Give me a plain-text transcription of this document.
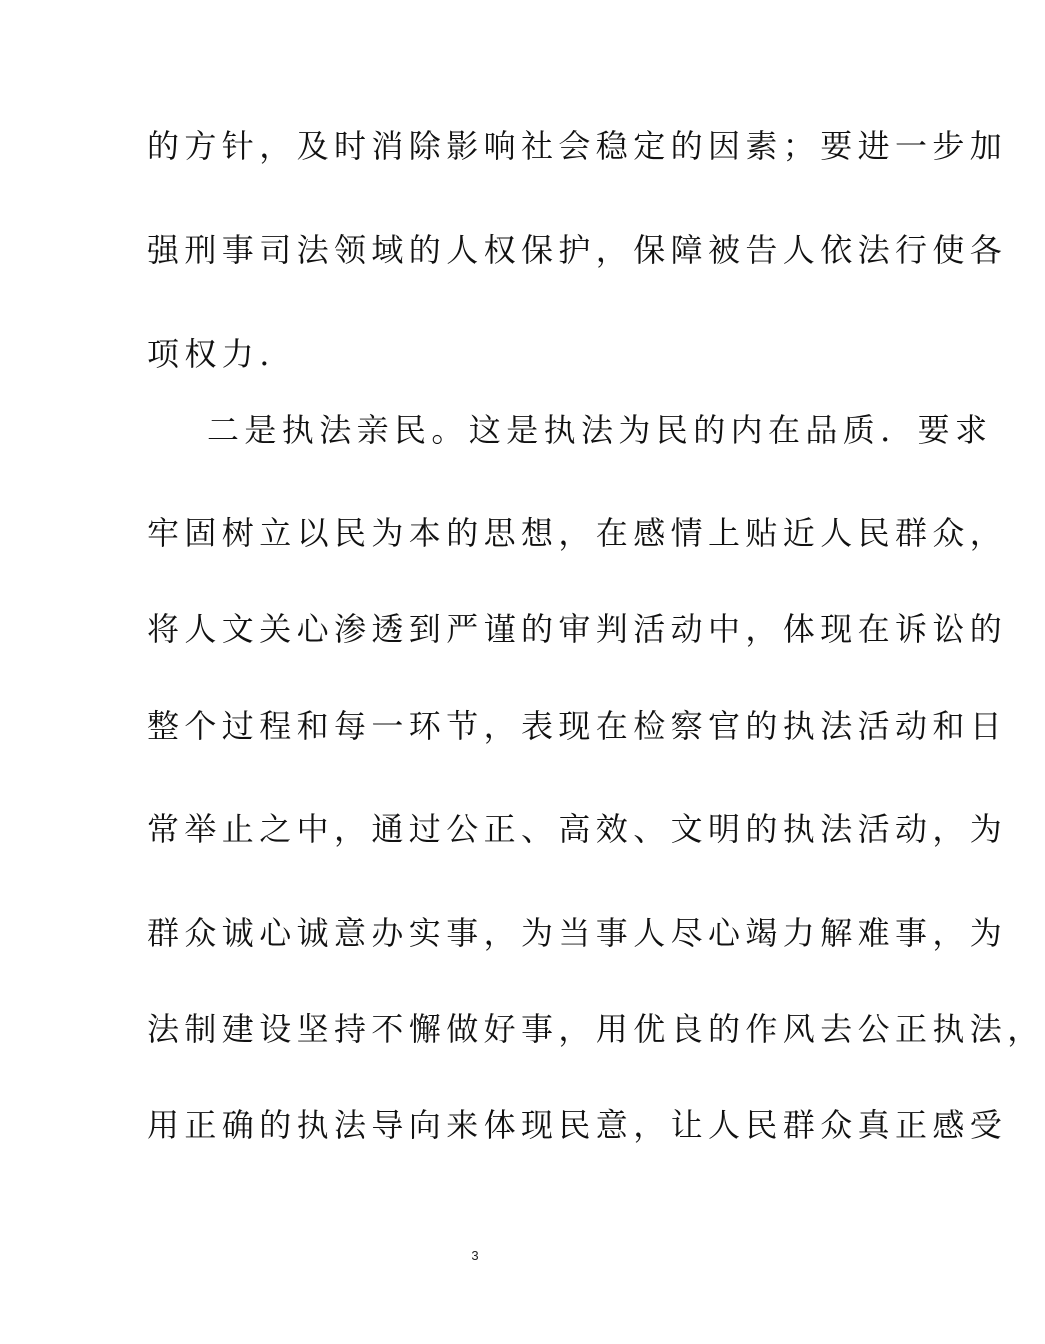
的方针，及时消除影响社会稳定的因素；要进一步加
强刑事司法领域的人权保护，保障被告人依法行使各
项权力.
二是执法亲民。这是执法为民的内在品质．要求
牢固树立以民为本的思想，在感情上贴近人民群众，
将人文关心渗透到严谨的审判活动中，体现在诉讼的
整个过程和每一环节，表现在检察官的执法活动和日
常举止之中，通过公正、高效、文明的执法活动，为
群众诚心诚意办实事，为当事人尽心竭力解难事，为
法制建设坚持不懈做好事，用优良的作风去公正执法，
用正确的执法导向来体现民意，让人民群众真正感受
3
